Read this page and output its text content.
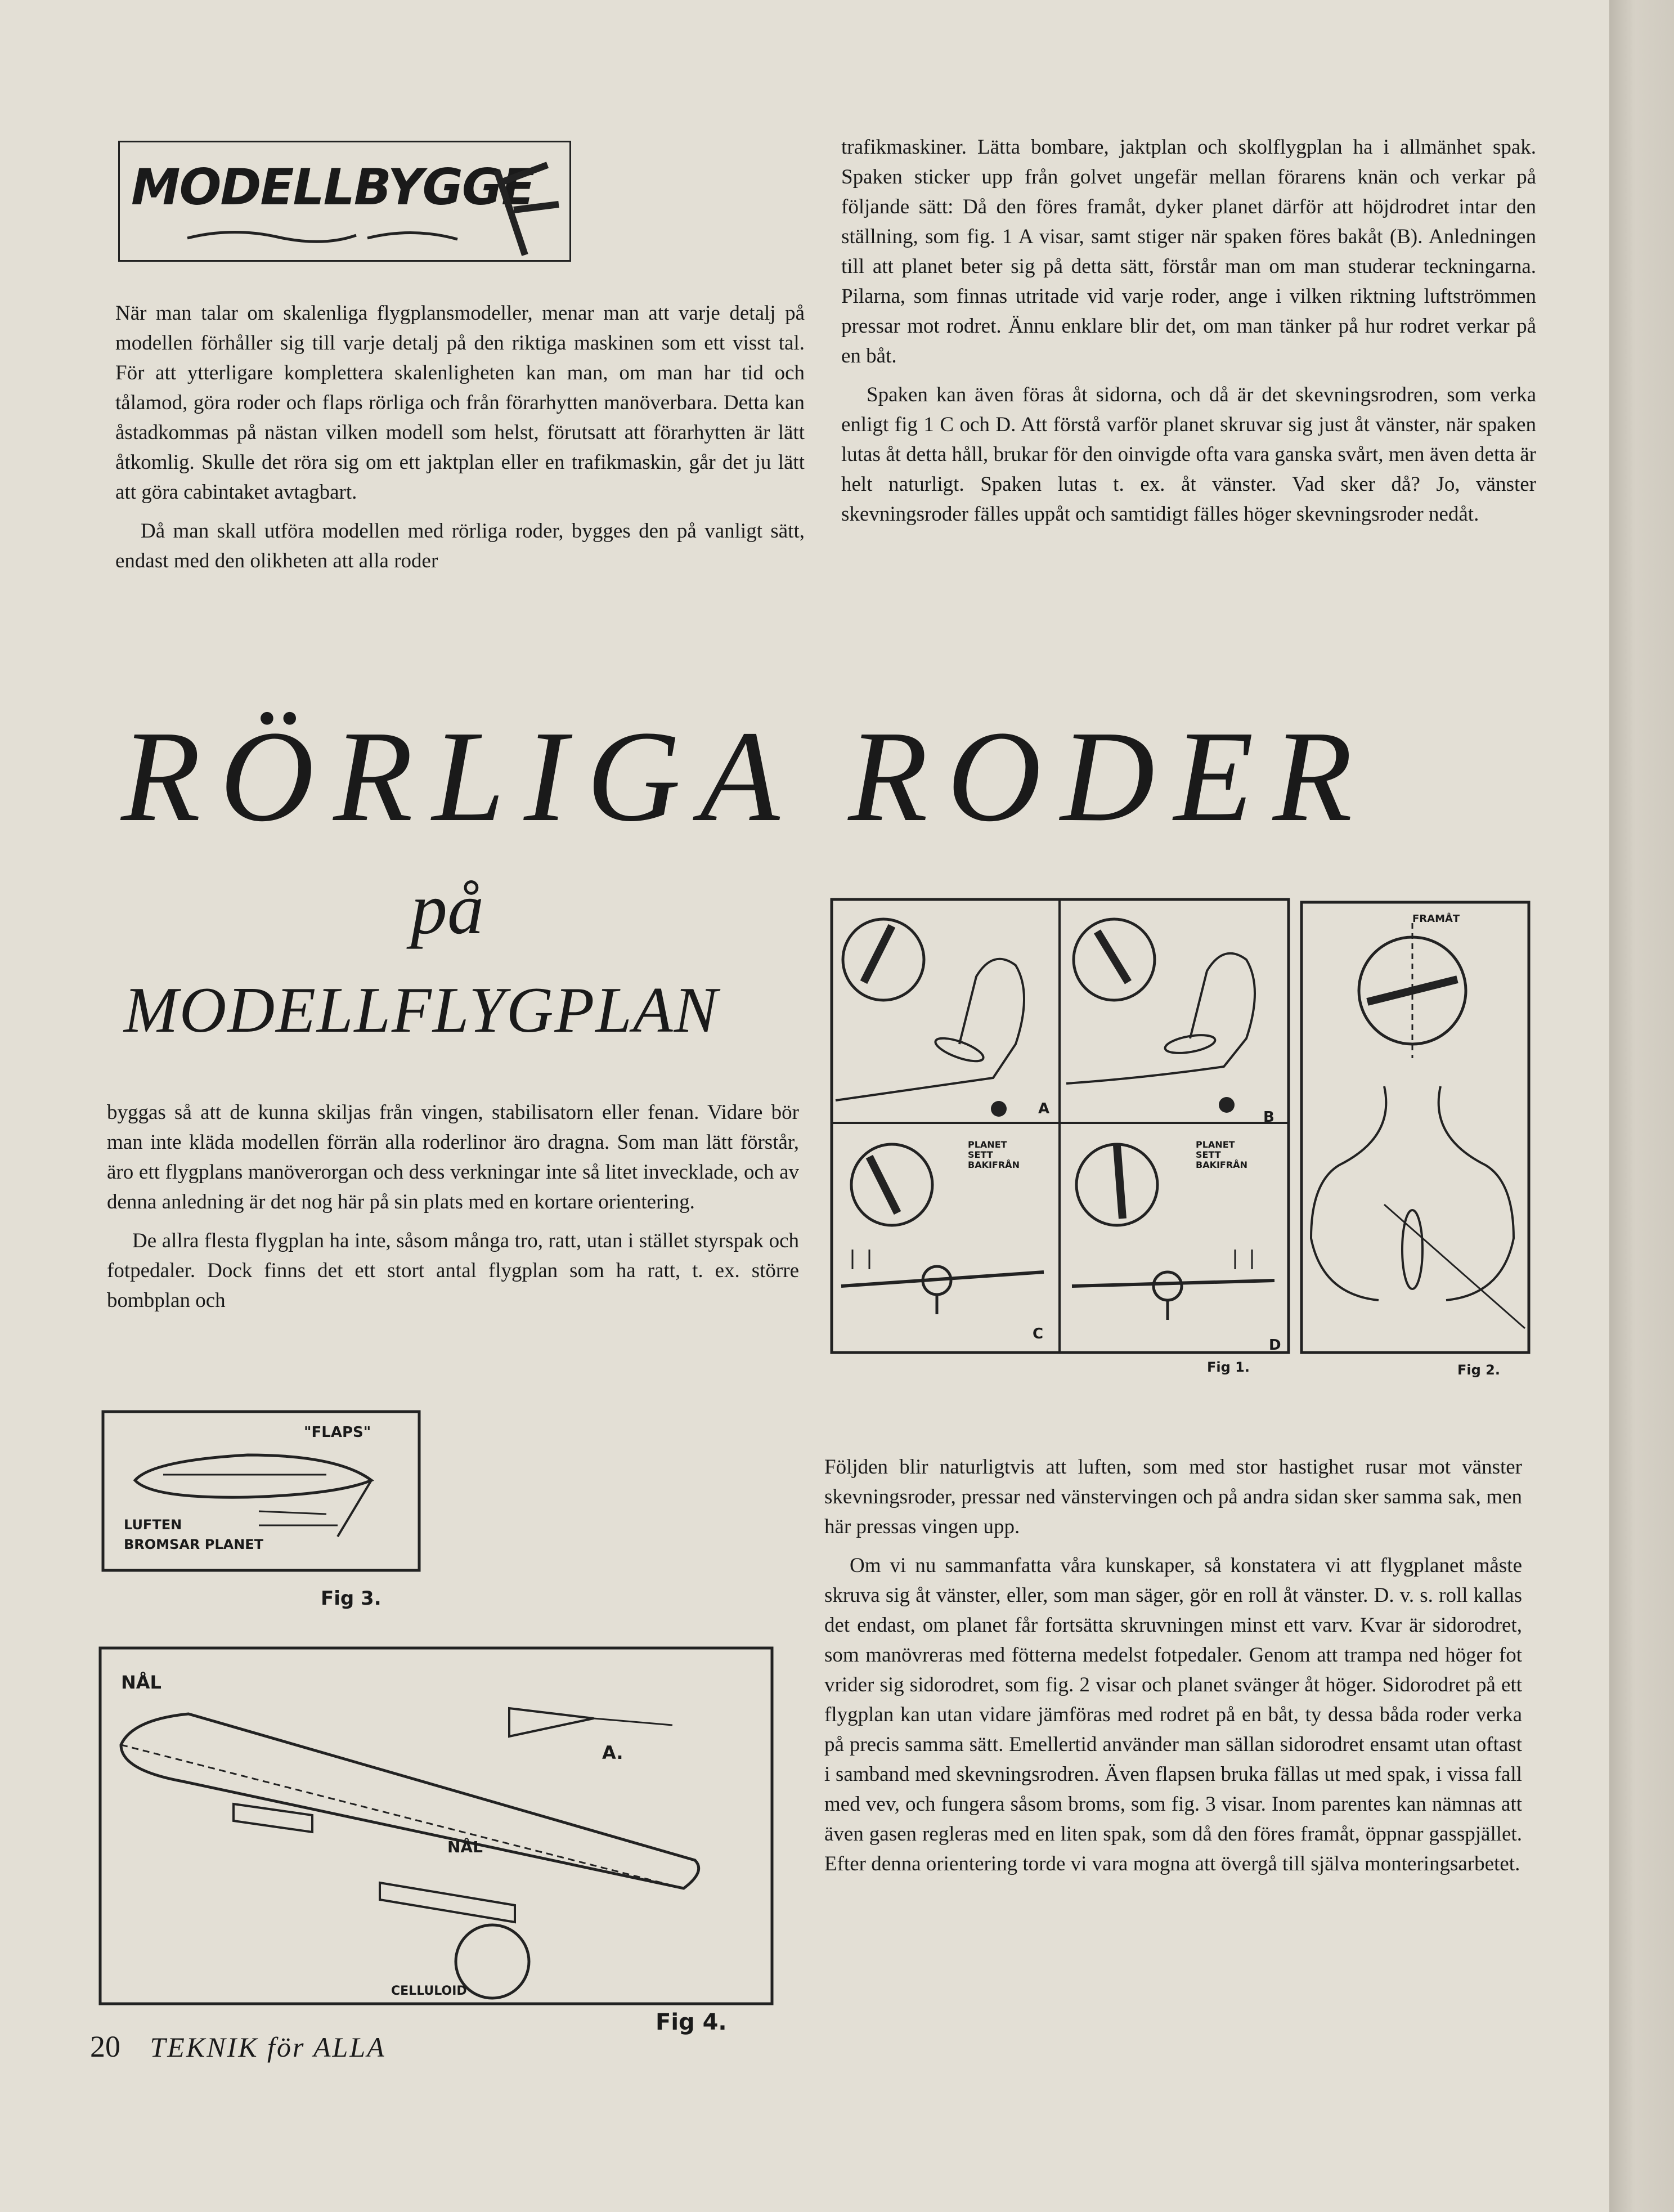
MODELLBYGGE

När man talar om skalenliga flygplansmodeller, menar man att varje detalj på modellen förhåller sig till varje detalj på den riktiga maskinen som ett visst tal. För att ytterligare komplettera skalenligheten kan man, om man har tid och tålamod, göra roder och flaps rörliga och från förarhytten manöverbara. Detta kan åstadkommas på nästan vilken modell som helst, förutsatt att förarhytten är lätt åtkomlig. Skulle det röra sig om ett jaktplan eller en trafikmaskin, går det ju lätt att göra cabintaket avtagbart.

Då man skall utföra modellen med rörliga roder, bygges den på vanligt sätt, endast med den olikheten att alla roder

trafikmaskiner. Lätta bombare, jaktplan och skolflygplan ha i allmänhet spak. Spaken sticker upp från golvet ungefär mellan förarens knän och verkar på följande sätt: Då den föres framåt, dyker planet därför att höjdrodret intar den ställning, som fig. 1 A visar, samt stiger när spaken föres bakåt (B). Anledningen till att planet beter sig på detta sätt, förstår man om man studerar teckningarna. Pilarna, som finnas utritade vid varje roder, ange i vilken riktning luftströmmen pressar mot rodret. Ännu enklare blir det, om man tänker på hur rodret verkar på en båt.

Spaken kan även föras åt sidorna, och då är det skevningsrodren, som verka enligt fig 1 C och D. Att förstå varför planet skruvar sig just åt vänster, när spaken lutas åt detta håll, brukar för den oinvigde ofta vara ganska svårt, men även detta är helt naturligt. Spaken lutas t. ex. åt vänster. Vad sker då? Jo, vänster skevningsroder fälles uppåt och samtidigt fälles höger skevningsroder nedåt.

RÖRLIGA RODER
på
MODELLFLYGPLAN

byggas så att de kunna skiljas från vingen, stabilisatorn eller fenan. Vidare bör man inte kläda modellen förrän alla roderlinor äro dragna. Som man lätt förstår, äro ett flygplans manöverorgan och dess verkningar inte så litet invecklade, och av denna anledning är det nog här på sin plats med en kortare orientering.

De allra flesta flygplan ha inte, såsom många tro, ratt, utan i stället styrspak och fotpedaler. Dock finns det ett stort antal flygplan som ha ratt, t. ex. större bombplan och

A	B
C
D
PLANET SETT BAKIFRÅN
PLANET SETT BAKIFRÅN
Fig 1.
FRAMÅT
Fig 2.
"FLAPS"
LUFTEN
BROMSAR PLANET
Fig 3.
NÅL
NÅL
A.
CELLULOID
Fig 4.

Följden blir naturligtvis att luften, som med stor hastighet rusar mot vänster skevningsroder, pressar ned vänstervingen och på andra sidan sker samma sak, men här pressas vingen upp.

Om vi nu sammanfatta våra kunskaper, så konstatera vi att flygplanet måste skruva sig åt vänster, eller, som man säger, gör en roll åt vänster. D. v. s. roll kallas det endast, om planet får fortsätta skruvningen minst ett varv. Kvar är sidorodret, som manövreras med fötterna medelst fotpedaler. Genom att trampa ned höger fot vrider sig sidorodret, som fig. 2 visar och planet svänger åt höger. Sidorodret på ett flygplan kan utan vidare jämföras med rodret på en båt, ty dessa båda roder verka på precis samma sätt. Emellertid använder man sällan sidorodret ensamt utan oftast i samband med skevningsrodren. Även flapsen bruka fällas ut med spak, i vissa fall med vev, och fungera såsom broms, som fig. 3 visar. Inom parentes kan nämnas att även gasen regleras med en liten spak, som då den föres framåt, öppnar gasspjället. Efter denna orientering torde vi vara mogna att övergå till själva monteringsarbetet.

20 TEKNIK för ALLA
